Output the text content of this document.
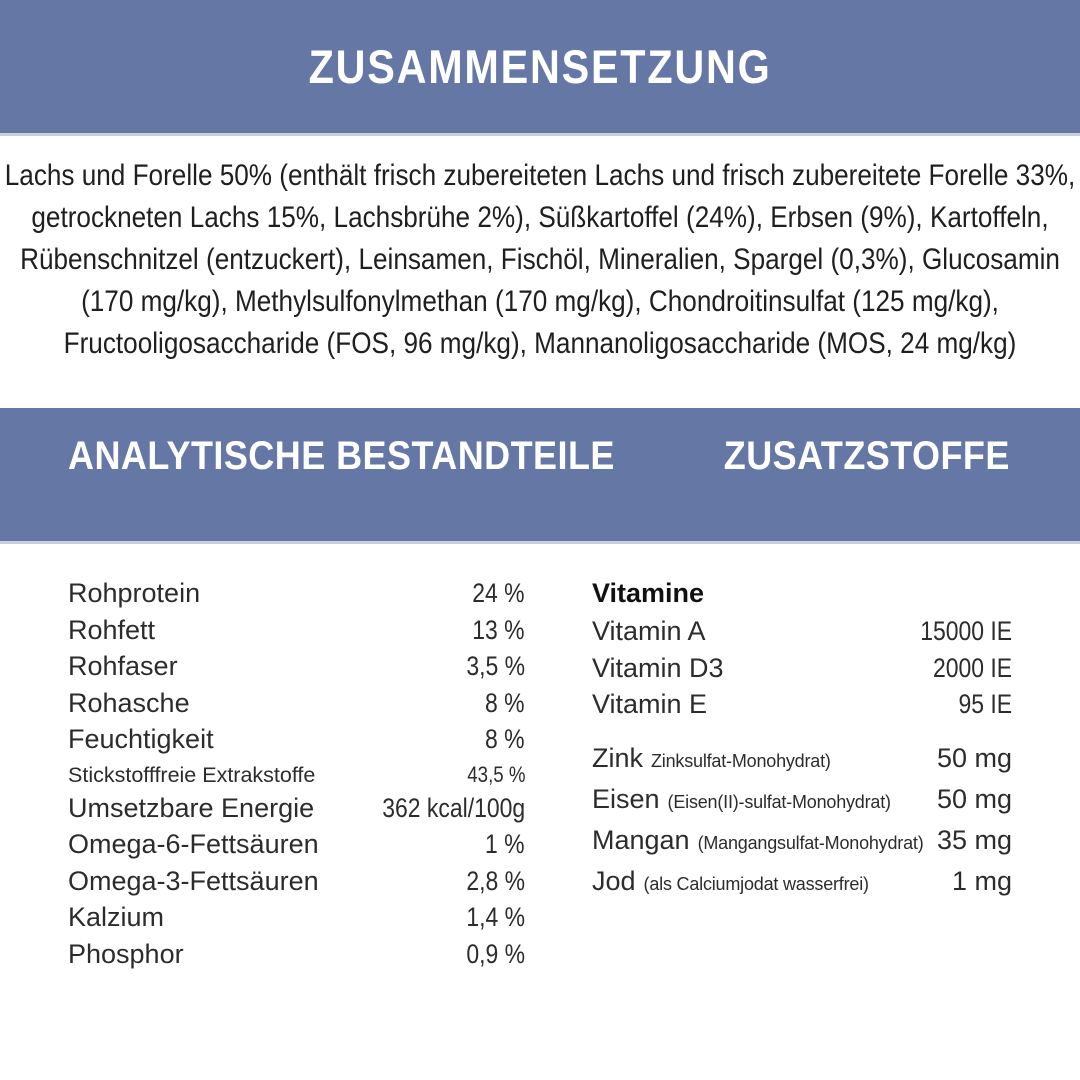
ZUSAMMENSETZUNG

Lachs und Forelle 50% (enthält frisch zubereiteten Lachs und frisch zubereitete Forelle 33%, getrockneten Lachs 15%, Lachsbrühe 2%), Süßkartoffel (24%), Erbsen (9%), Kartoffeln, Rübenschnitzel (entzuckert), Leinsamen, Fischöl, Mineralien, Spargel (0,3%), Glucosamin (170 mg/kg), Methylsulfonylmethan (170 mg/kg), Chondroitinsulfat (125 mg/kg), Fructooligosaccharide (FOS, 96 mg/kg), Mannanoligosaccharide (MOS, 24 mg/kg)

ANALYTISCHE BESTANDTEILE	ZUSATZSTOFFE
Rohprotein	24 %
Rohfett	13 %
Rohfaser	3,5 %
Rohasche	8 %
Feuchtigkeit	8 %
Stickstofffreie Extrakstoffe	43,5 %
Umsetzbare Energie	362 kcal/100g
Omega-6-Fettsäuren	1 %
Omega-3-Fettsäuren	2,8 %
Kalzium	1,4 %
Phosphor	0,9 %
Vitamine
Vitamin A	15000 IE
Vitamin D3	2000 IE
Vitamin E	95 IE
Zink Zinksulfat-Monohydrat)	50 mg
Eisen (Eisen(II)-sulfat-Monohydrat) 50 mg
Mangan (Mangangsulfat-Monohydrat) 35 mg
Jod (als Calciumjodat wasserfrei)	1 mg
